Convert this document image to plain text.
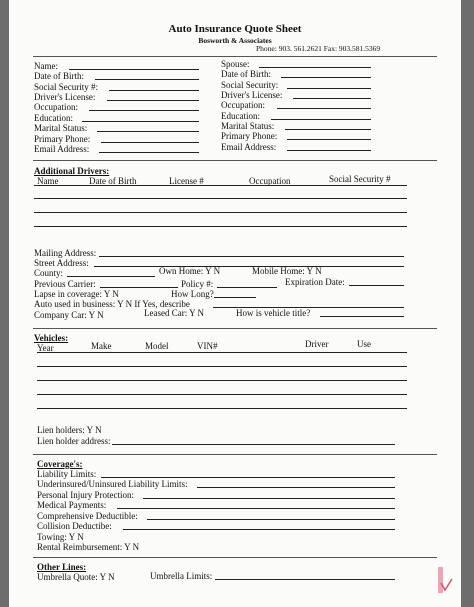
Auto Insurance Quote Sheet
Bosworth & Associates
Phone: 903. 561.2621 Fax: 903.581.5369
Name:
Date of Birth:
Social Security #:
Driver's License:
Occupation:
Education:
Marital Status:
Primary Phone:
Email Address:
Spouse:
Date of Birth:
Social Security:
Driver's License:
Occupation:
Education:
Marital Status:
Primary Phone:
Email Address:
Additional Drivers:
Name	Date of Birth	License #	Occupation	Social Security #
Mailing Address:
Street Address:
County:	Own Home: Y N	Mobile Home: Y N
Previous Carrier:	Policy #:	Expiration Date:
Lapse in coverage: Y N	How Long?
Auto used in business: Y N If Yes, describe
Company Car: Y N	Leased Car: Y N	How is vehicle title?
Vehicles:
Year	Make	Model	VIN#	Driver	Use
Lien holders: Y N
Lien holder address:
Coverage's:
Liability Limits:
Underinsured/Uninsured Liability Limits:
Personal Injury Protection:
Medical Payments:
Comprehensive Deductible:
Collision Deductibe:
Towing: Y N
Rental Reimbursement: Y N
Other Lines:
Umbrella Quote: Y N	Umbrella Limits:
